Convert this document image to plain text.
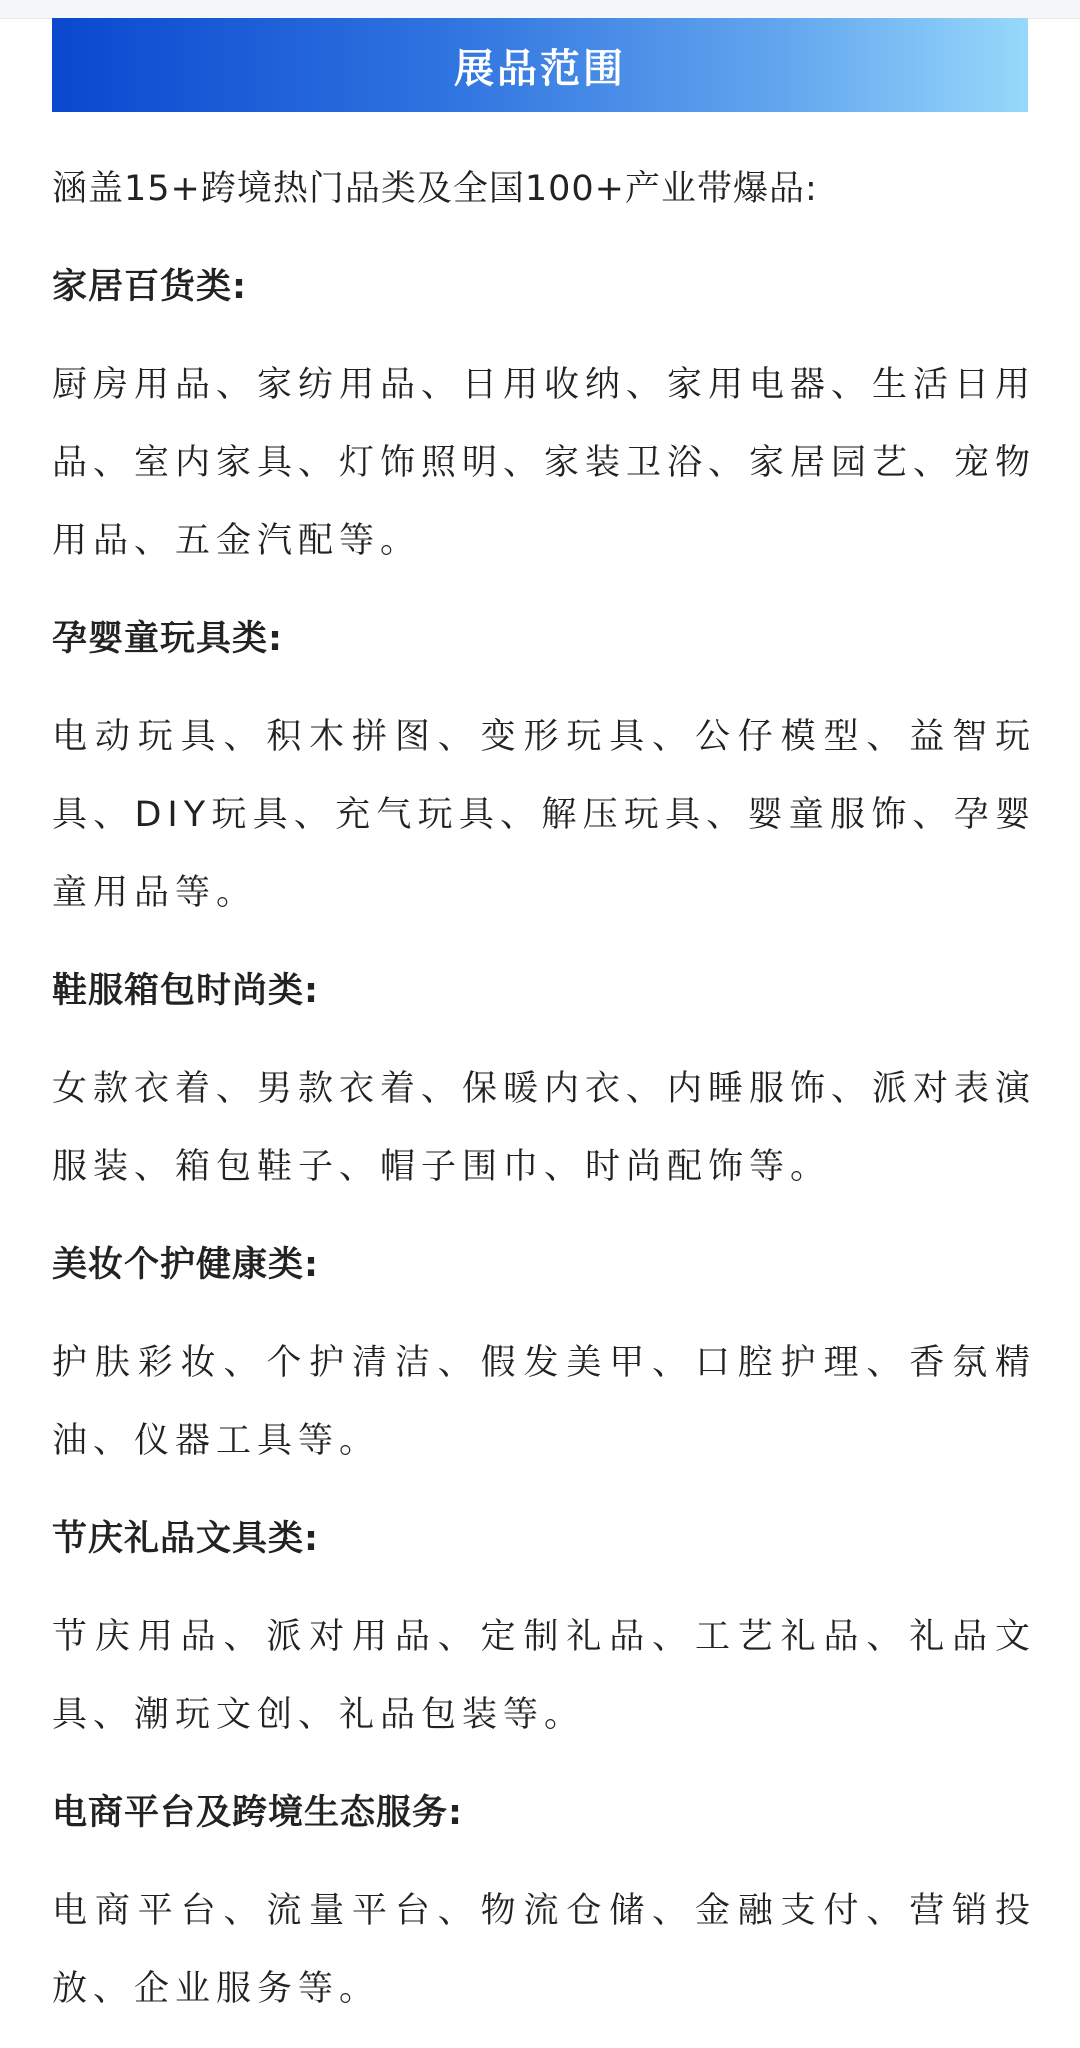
展品范围
涵盖15+跨境热门品类及全国100+产业带爆品:
家居百货类:
厨房用品、家纺用品、日用收纳、家用电器、生活日用品、室内家具、灯饰照明、家装卫浴、家居园艺、宠物用品、五金汽配等。
孕婴童玩具类:
电动玩具、积木拼图、变形玩具、公仔模型、益智玩具、DIY玩具、充气玩具、解压玩具、婴童服饰、孕婴童用品等。
鞋服箱包时尚类:
女款衣着、男款衣着、保暖内衣、内睡服饰、派对表演服装、箱包鞋子、帽子围巾、时尚配饰等。
美妆个护健康类:
护肤彩妆、个护清洁、假发美甲、口腔护理、香氛精油、仪器工具等。
节庆礼品文具类:
节庆用品、派对用品、定制礼品、工艺礼品、礼品文具、潮玩文创、礼品包装等。
电商平台及跨境生态服务:
电商平台、流量平台、物流仓储、金融支付、营销投放、企业服务等。
